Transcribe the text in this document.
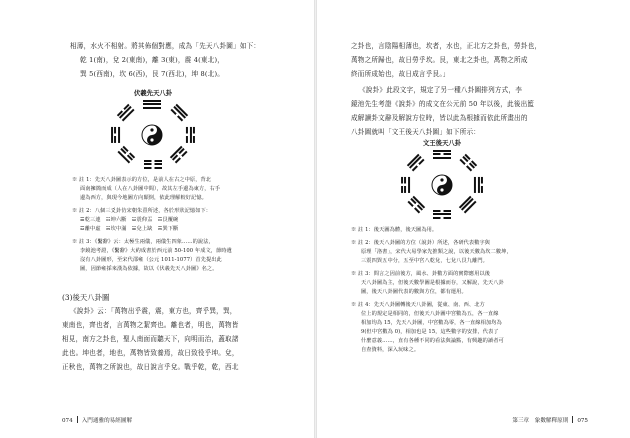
相薄，水火不相射。將其佈個對應，成為「先天八卦圖」如下：
乾 1(南)，兌 2(東南)，離 3(東)，震 4(東北)，
巽 5(西南)，坎 6(西)，艮 7(西北)，坤 8(北)。
伏羲先天八卦
※ 註 1：先天八卦圖表示的方位，是前人在古之中原，背北
面南擁簡而成（人在八卦圖中間），故其左手邊為東方，右手
邊為西方，與現今地圖方向顛倒，依此理解較好記憶。
※ 註 2：八個三爻卦仿宋朝朱熹所述，各於形狀記憶如下：
☰乾三連　☷坤六斷　☳震仰盂　☶艮覆碗
☲離中虛　☵坎中滿　☱兌上缺　☴巽下斷
※ 註 3：《繫辭》云：太極生兩儀，兩儀生四象……的說法，
李鏡池考證，《繫辭》大約成書於西元前 50-100 年成文，節時遺
沒有八卦圖形，至宋代邵雍（公元 1011-1077）首先提出此
圖，因節雍採來漢為依據，故以《伏羲先天八卦圖》名之。
(3)後天八卦圖
《說卦》云：「萬物出乎震，震，東方也，齊乎巽，巽，
東南也，齊也者，言萬物之絜齊也。離也者，明也，萬物皆
相見，南方之卦也，聖人南面而聽天下，向明而治，蓋取諸
此也。坤也者，地也，萬物皆致養焉，故日致役乎坤。兌，
正秋也，萬物之所說也，故日說言乎兌。戰乎乾，乾，西北
074 入門通雅的易經圖解
之卦也，言陰陽相薄也，坎者，水也，正北方之卦也，勞卦也，
萬物之所歸也，故日勞乎坎。艮，東北之卦也，萬物之所成
終而所成始也，故日成言乎艮。」
《說卦》此段文字，規定了另一種八卦圖排列方式，李
鏡池先生考證《說卦》的成文在公元前 50 年以後，此後出籃
成解讀卦文辭及解說方位時，皆以此為根據而依此所畫出的
八卦圖就叫「文王後天八卦圖」如下所示：
文王後天八卦
※ 註 1：後天圖為體，後天圖為用。
※ 註 2：後天八卦圖的方位（說卦）所述，各研代表數字與
原理「洛書」，宋代大易學家先推類之說，以後天數為坎二數坤，
三震四巽五中分，五至中宮八乾兌，七兌八艮九離門。
※ 註 3：問言之因前後方，風水、卦數方面的實際應用以後
天八卦圖為主，但後天數學圖是根據而存，又解說，先天八卦
圖，後天八卦圖代表的數與方位，都有運用。
※ 註 4：先天八卦圖轉後天八卦圖，從東、南、西、北方
位上的規定是相同的，但後天八卦圖中宮數為五，各一直線
相加均為 15，先天八卦圖，中宮數為零，各一直線相加均為
9(但中宮數為 0)，相加也是 15，這些數字的安排，代表了
什麼意義……，直有各種不同的看法與論點，有興趣的讀者可
自查資料，深入玩味之。
第三章　象數解釋原則 075
